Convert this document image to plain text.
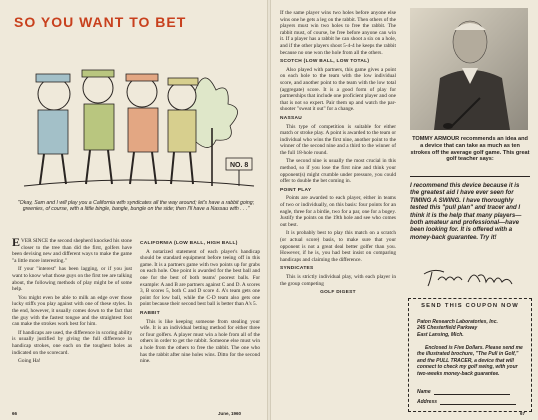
SO YOU WANT TO BET
NO. 8
"Okay, Sam and I will play you a California with syndicates all the way around; let's have a rabbit going; greenies, of course, with a little bingle, bangle, bungle on the side; then I'll have a Nassau with . . ."

EVER SINCE the second shepherd knocked his stone closer to the tree than did the first, golfers have been devising new and different ways to make the game "a little more interesting."

If your "interest" has been lagging, or if you just want to know what those guys on the first tee are talking about, the following methods of play might be of some help.

You might even be able to milk an edge over those lucky stiffs you play against with one of these styles. In the end, however, it usually comes down to the fact that the guy with the fastest tongue and the straightest foot can make the strokes work best for him.

If handicaps are used, the difference in scoring ability is usually justified by giving the full difference in handicap strokes, one each on the toughest holes as indicated on the scorecard.

Going Ha!

CALIFORNIA (LOW BALL, HIGH BALL)

A notarized statement of each player's handicap should be standard equipment before teeing off in this game. It is a partners game with two points up for grabs on each hole. One point is awarded for the best ball and one for the best of both teams' poorest balls. For example: A and B are partners against C and D. A scores 3, B scores 5, both C and D score 4. A's team gets one point for low ball, while the C-D team also gets one point because their second best ball is better than A's 5.

RABBIT

This is like keeping someone from stealing your wife. It is an individual betting method for either three or four golfers. A player must win a hole from all of the others in order to get the rabbit. Someone else must win a hole from the others to free the rabbit. The one who has the rabbit after nine holes wins. Ditto for the second nine.

66	June, 1960

If the same player wins two holes before anyone else wins one he gets a leg on the rabbit. Then others of the players must win two holes to free the rabbit. The rabbit must, of course, be free before anyone can win it. If a player has a rabbit he can shoot a six on a hole, and if the other players shoot 5-4-4 he keeps the rabbit because no one won the hole from all the others.

SCOTCH (LOW BALL, LOW TOTAL)

Also played with partners, this game gives a point on each hole to the team with the low individual score, and another point to the team with the low total (aggregate) score. It is a good form of play for partnerships that include one proficient player and one that is not so expert. Pair them up and watch the par-shooter "sweat it out" for a change.

NASSAU

This type of competition is suitable for either match or stroke play. A point is awarded to the team or individual who wins the first nine, another point to the winner of the second nine and a third to the winner of the full 18-hole round.

The second nine is usually the most crucial in this method, so if you lose the first nine and think your opponent(s) might crumble under pressure, you could offer to double the bet coming in.

POINT PLAY

Points are awarded to each player, either in teams of two or individually, on this basis: four points for an eagle, three for a birdie, two for a par, one for a bogey. Justify the points on the 19th hole and see who comes out best.

It is probably best to play this match on a scratch (or actual score) basis, to make sure that your opponent is not a great deal better golfer than you. However, if he is, you had best insist on comparing handicaps and claiming the difference.

SYNDICATES

This is strictly individual play, with each player in the group competing

GOLF DIGEST
TOMMY ARMOUR recommends an idea and a device that can take as much as ten strokes off the average golf game. This great golf teacher says:
I recommend this device because it is the greatest aid I have ever seen for TIMING A SWING. I have thoroughly tested this "pull plan" and tracer and I think it is the help that many players—both amateur and professional—have been looking for. It is offered with a money-back guarantee. Try it!
SEND THIS COUPON NOW
Paton Research Laboratories, Inc.
245 Chesterfield Parkway
East Lansing, Mich.
Enclosed is Five Dollars. Please send me the illustrated brochure, "The Pull in Golf," and the PULL TRACER, a device that will connect to check my golf swing, with your two-weeks money-back guarantee.
Name
Address
67
